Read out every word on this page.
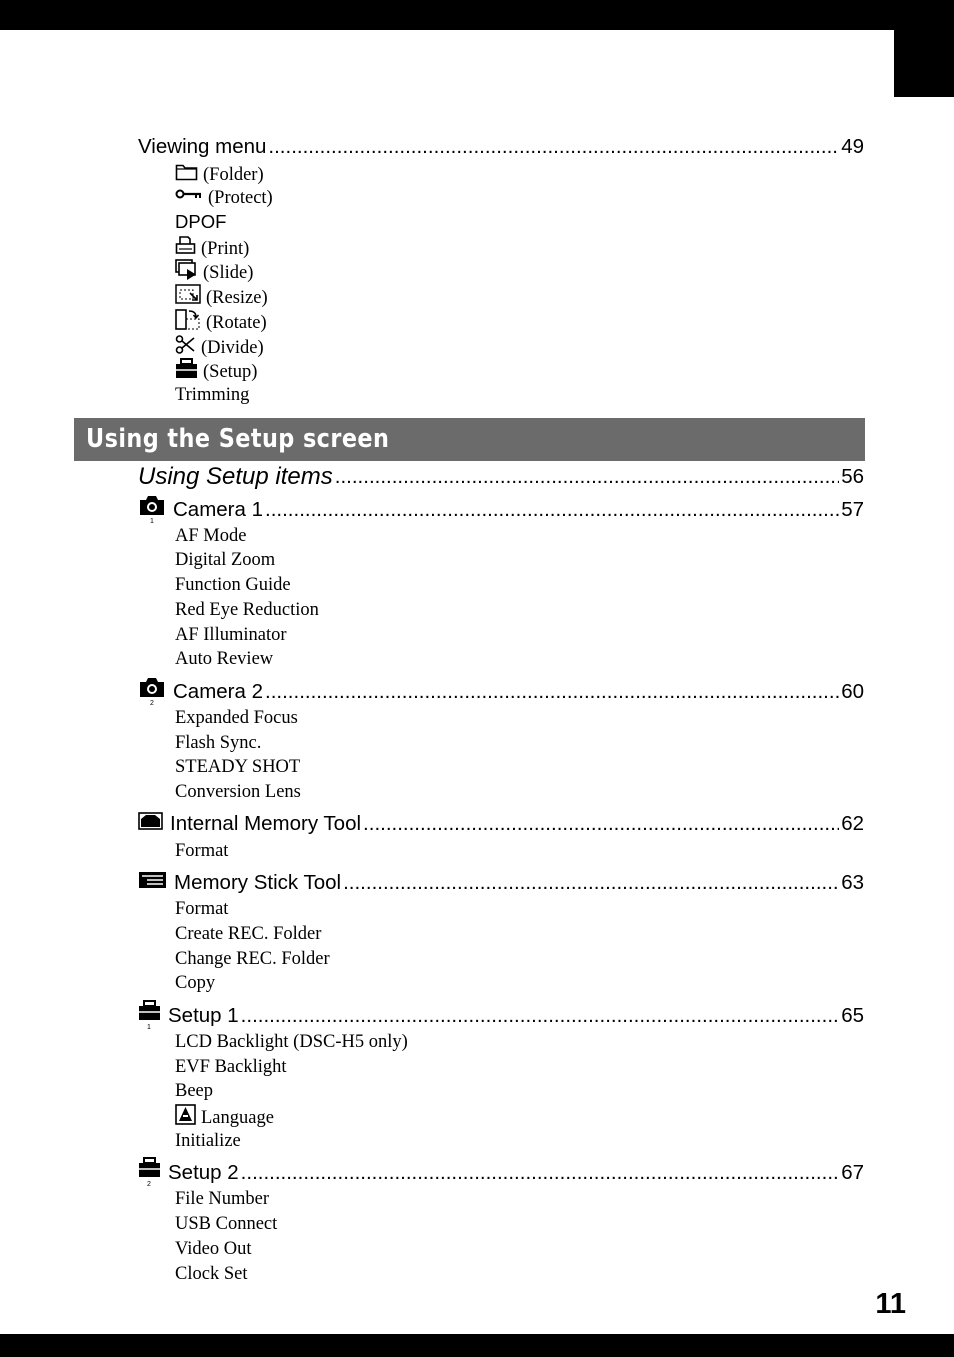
Viewing menu .....	49
(Folder)
(Protect)
DPOF
(Print)
(Slide)
(Resize)
(Rotate)
(Divide)
(Setup)
Trimming
Using the Setup screen
Using Setup items .....	56
1
Camera 1 .....	57
AF Mode
Digital Zoom
Function Guide
Red Eye Reduction
AF Illuminator
Auto Review
2
Camera 2 .....	60
Expanded Focus
Flash Sync.
STEADY SHOT
Conversion Lens
Internal Memory Tool .....	62
Format
Memory Stick Tool .....	63
Format
Create REC. Folder
Change REC. Folder
Copy
1
Setup 1 .....	65
LCD Backlight (DSC-H5 only)
EVF Backlight
Beep
Language
Initialize
2
Setup 2 .....	67
File Number
USB Connect
Video Out
Clock Set
11
